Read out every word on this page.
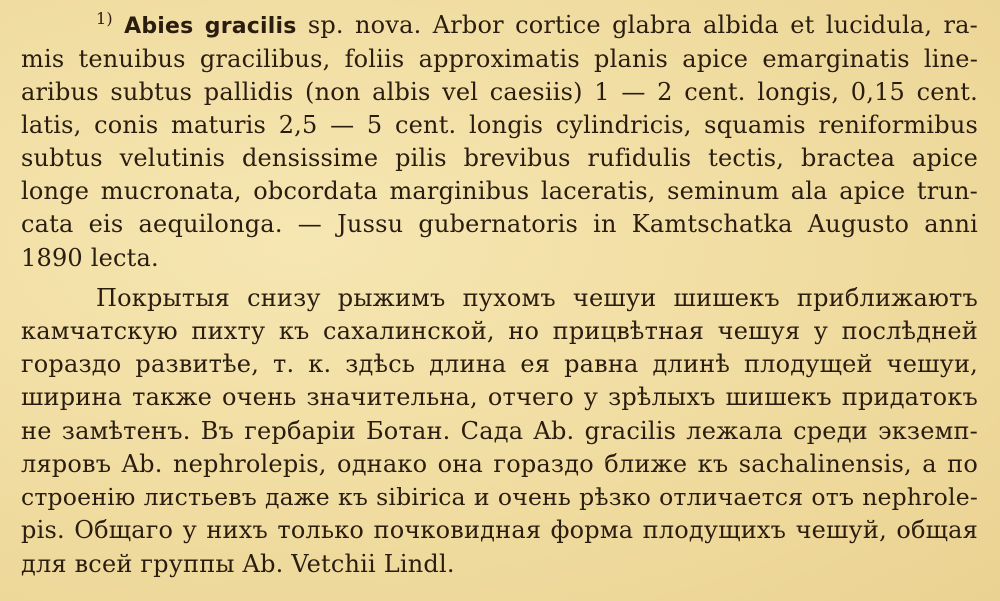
$^{1)}$ Abies gracilis sp. nova. Arbor cortice glabra albida et lucidula, ra-
mis tenuibus gracilibus, foliis approximatis planis apice emarginatis line-
aribus subtus pallidis (non albis vel caesiis) 1 — 2 cent. longis, 0,15 cent.
latis, conis maturis 2,5 — 5 cent. longis cylindricis, squamis reniformibus
subtus velutinis densissime pilis brevibus rufidulis tectis, bractea apice
longe mucronata, obcordata marginibus laceratis, seminum ala apice trun-
cata eis aequilonga. — Jussu gubernatoris in Kamtschatka Augusto anni
1890 lecta.
Покрытыя снизу рыжимъ пухомъ чешуи шишекъ приближаютъ
камчатскую пихту къ сахалинской, но прицвѣтная чешуя у послѣдней
гораздо развитѣе, т. к. здѣсь длина ея равна длинѣ плодущей чешуи,
ширина также очень значительна, отчего у зрѣлыхъ шишекъ придатокъ
не замѣтенъ. Въ гербаріи Ботан. Сада Ab. gracilis лежала среди экземп-
ляровъ Ab. nephrolepis, однако она гораздо ближе къ sachalinensis, а по
строенію листьевъ даже къ sibirica и очень рѣзко отличается отъ nephrole-
pis. Общаго у нихъ только почковидная форма плодущихъ чешуй, общая
для всей группы Ab. Vetchii Lindl.
